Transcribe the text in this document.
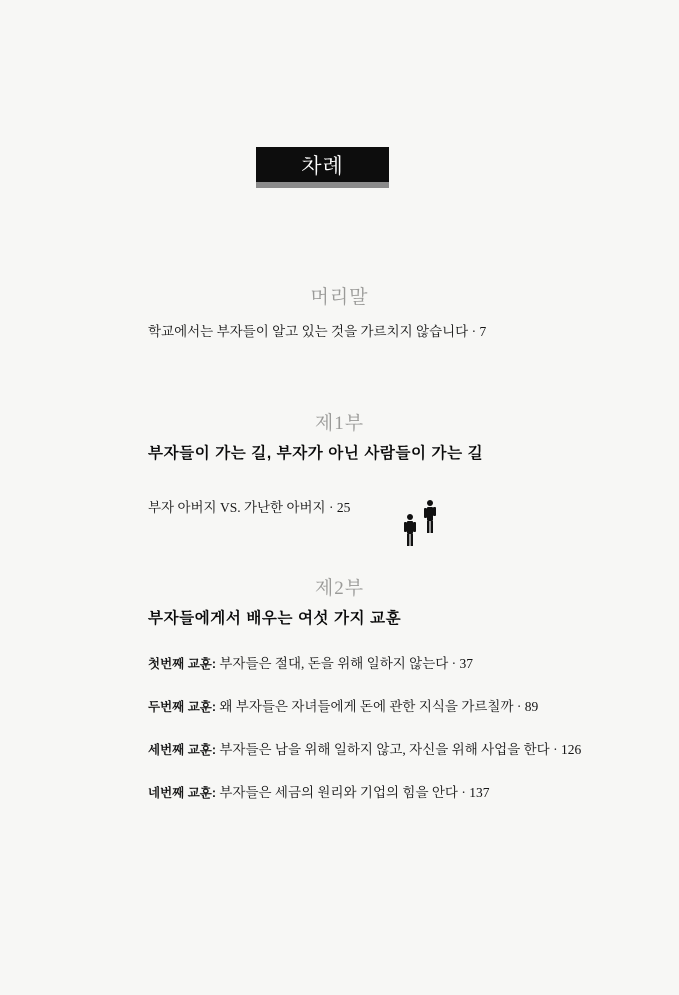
차례
머리말
학교에서는 부자들이 알고 있는 것을 가르치지 않습니다 · 7
제1부
부자들이 가는 길, 부자가 아닌 사람들이 가는 길
부자 아버지 VS. 가난한 아버지 · 25
제2부
부자들에게서 배우는 여섯 가지 교훈
첫번째 교훈: 부자들은 절대, 돈을 위해 일하지 않는다 · 37
두번째 교훈: 왜 부자들은 자녀들에게 돈에 관한 지식을 가르칠까 · 89
세번째 교훈: 부자들은 남을 위해 일하지 않고, 자신을 위해 사업을 한다 · 126
네번째 교훈: 부자들은 세금의 원리와 기업의 힘을 안다 · 137
